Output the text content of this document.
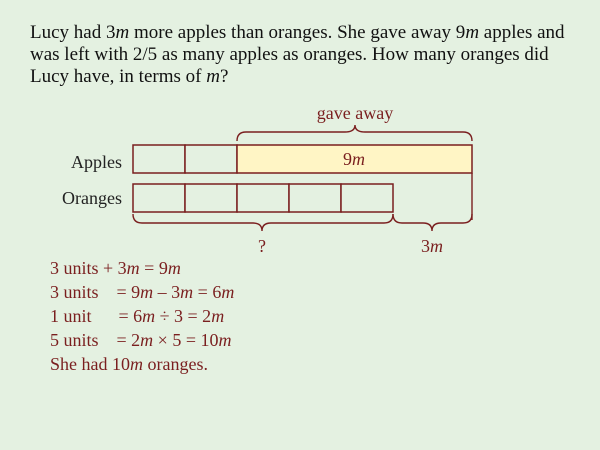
Lucy had 3m more apples than oranges. She gave away 9m apples and was left with 2/5 as many apples as oranges. How many oranges did Lucy have, in terms of m?
gave away
Apples	9m
Oranges
?	3m
3 units + 3m = 9m
3 units    = 9m – 3m = 6m
1 unit      = 6m ÷ 3 = 2m
5 units    = 2m × 5 = 10m
She had 10m oranges.
